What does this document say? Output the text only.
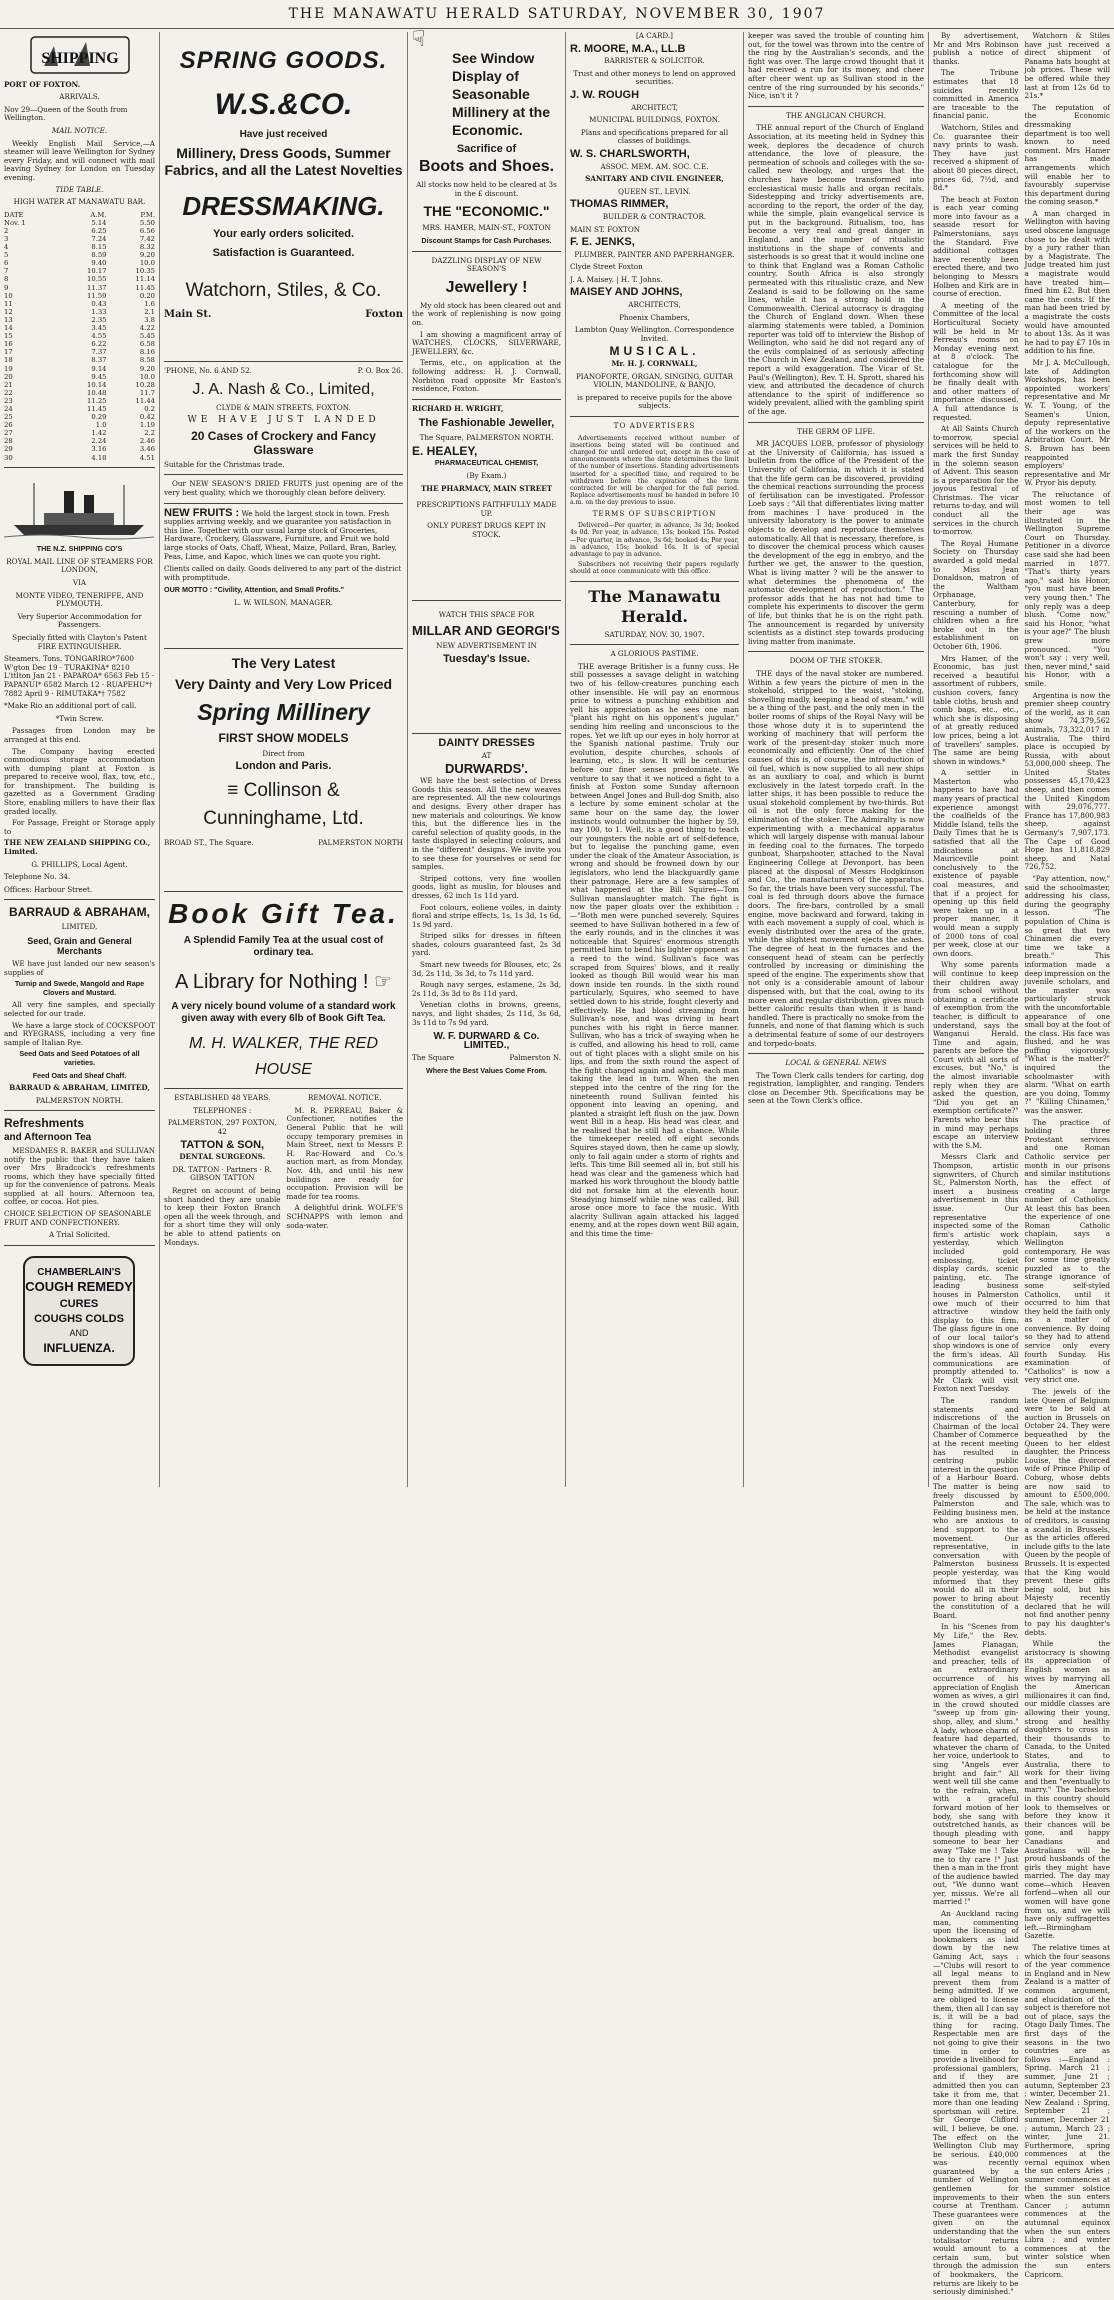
THE MANAWATU HERALD SATURDAY, NOVEMBER 30, 1907
SHIPPING
PORT OF FOXTON.
ARRIVALS.
Nov 29—Queen of the South from Wellington.
MAIL NOTICE.

Weekly English Mail Service,—A steamer will leave Wellington for Sydney every Friday, and will connect with mail leaving Sydney for London on Tuesday evening.

TIDE TABLE.
HIGH WATER AT MANAWATU BAR.
DATE	A.M.	P.M.
Nov. 1	5.14	5.50
2	6.25	6.56
3	7.24	7.42
4	8.15	8.32
5	8.59	9.20
6	9.40	10.0
7	10.17	10.35
8	10.55	11.14
9	11.37	11.45
10	11.59	0.20
11	0.43	1.6
12	1.33	2.1
13	2.35	3.8
14	3.45	4.22
15	4.55	5.45
16	6.22	6.58
17	7.37	8.16
18	8.37	8.58
19	9.14	9.20
20	9.45	10.0
21	10.14	10.28
22	10.48	11.7
23	11.25	11.44
24	11.45	0.2
25	0.29	0.42
26	1.0	1.19
27	1.42	2.2
28	2.24	2.46
29	3.16	3.46
30	4.18	4.51
THE N.Z. SHIPPING CO'S
ROYAL MAIL LINE OF STEAMERS FOR LONDON,
VIA
MONTE VIDEO, TENERIFFE, AND PLYMOUTH.
Very Superior Accommodation for Passengers.
Specially fitted with Clayton's Patent FIRE EXTINGUISHER.
Steamers. Tons. TONGARIRO*7600 W'gton Dec 19 · TURAKINA* 8210 L'ttlton Jan 21 · PAPAROA* 6563 Feb 15 · PAPANUI* 6582 March 12 · RUAPEHU*† 7882 April 9 · RIMUTAKA*† 7582
*Make Rio an additional port of call.
*Twin Screw.

Passages from London may be arranged at this end.

The Company having erected commodious storage accommodation with dumping plant at Foxton is prepared to receive wool, flax, tow, etc., for transhipment. The building is gazetted as a Government Grading Store, enabling millers to have their flax graded locally.

For Passage, Freight or Storage apply to

THE NEW ZEALAND SHIPPING CO., Limited.
G. PHILLIPS, Local Agent.
Telephone No. 34.
Offices: Harbour Street.
BARRAUD & ABRAHAM,
LIMITED,
Seed, Grain and General Merchants

WE have just landed our new season's supplies of

Turnip and Swede, Mangold and Rape Clovers and Mustard.

All very fine samples, and specially selected for our trade.

We have a large stock of COCKSFOOT and RYEGRASS, including a very fine sample of Italian Rye.

Seed Oats and Seed Potatoes of all varieties.
Feed Oats and Sheaf Chaff.
BARRAUD & ABRAHAM, LIMITED,
PALMERSTON NORTH.
Refreshments
and Afternoon Tea

MESDAMES R. BAKER and SULLIVAN notify the public that they have taken over Mrs Bradcock's refreshments rooms, which they have specially fitted up for the convenience of patrons. Meals supplied at all hours. Afternoon tea, coffee, or cocoa. Hot pies.

CHOICE SELECTION OF SEASONABLE FRUIT AND CONFECTIONERY.
A Trial Solicited.
CHAMBERLAIN'S
COUGH REMEDY
CURES
COUGHS COLDS
AND
INFLUENZA.
SPRING GOODS.
W.S.&CO.
Have just received
Millinery, Dress Goods, Summer Fabrics, and all the Latest Novelties
DRESSMAKING.
Your early orders solicited.
Satisfaction is Guaranteed.
Watchorn, Stiles, & Co.
Main St.	Foxton
'PHONE, No. 6 AND 52.	P. O. Box 26.
J. A. Nash & Co., Limited,
CLYDE & MAIN STREETS, FOXTON.
WE HAVE JUST LANDED
20 Cases of Crockery and Fancy Glassware
Suitable for the Christmas trade.

Our NEW SEASON'S DRIED FRUITS just opening are of the very best quality, which we thoroughly clean before delivery.

NEW FRUITS : We hold the largest stock in town. Fresh supplies arriving weekly, and we guarantee you satisfaction in this line. Together with our usual large stock of Groceries, Hardware, Crockery, Glassware, Furniture, and Fruit we hold large stocks of Oats, Chaff, Wheat, Maize, Pollard, Bran, Barley, Peas, Lime, and Kapoc, which lines we can quote you right.
Clients called on daily. Goods delivered to any part of the district with promptitude.
OUR MOTTO : "Civility, Attention, and Small Profits."
L. W. WILSON, MANAGER.
The Very Latest
Very Dainty and Very Low Priced
Spring Millinery
FIRST SHOW MODELS
Direct from
London and Paris.
≡ Collinson &
Cunninghame, Ltd.
BROAD ST., The Square.	PALMERSTON NORTH
Book Gift Tea.
A Splendid Family Tea at the usual cost of ordinary tea.
A Library for Nothing ! ☞
A very nicely bound volume of a standard work given away with every 6lb of Book Gift Tea.
M. H. WALKER, THE RED HOUSE
ESTABLISHED 48 YEARS.
TELEPHONES :
PALMERSTON, 297 FOXTON, 42
TATTON & SON,
DENTAL SURGEONS.
DR. TATTON · Partners · R. GIBSON TATTON

Regret on account of being short handed they are unable to keep their Foxton Branch open all the week through, and for a short time they will only be able to attend patients on Mondays.

REMOVAL NOTICE.

M. R. PERREAU, Baker & Confectioner, notifies the General Public that he will occupy temporary premises in Main Street, next to Messrs P. H. Rac-Howard and Co.'s auction mart, as from Monday, Nov. 4th, and until his new buildings are ready for occupation. Provision will be made for tea rooms.

A delightful drink. WOLFE'S SCHNAPPS with lemon and soda-water.

☟
See Window Display of Seasonable Millinery at the Economic.
Sacrifice of
Boots and Shoes.
All stocks now held to be cleared at 3s in the £ discount.
THE "ECONOMIC."
MRS. HAMER, MAIN-ST., FOXTON
Discount Stamps for Cash Purchases.
DAZZLING DISPLAY OF NEW SEASON'S
Jewellery !

My old stock has been cleared out and the work of replenishing is now going on.

I am showing a magnificent array of WATCHES, CLOCKS, SILVERWARE, JEWELLERY, &c.

Terms, etc., on application at the following address: H. J. Cornwall, Norbiton road opposite Mr Easton's residence, Foxton.

RICHARD H. WRIGHT,
The Fashionable Jeweller,
The Square, PALMERSTON NORTH.
E. HEALEY,
PHARMACEUTICAL CHEMIST,
(By Exam.)
THE PHARMACY, MAIN STREET
PRESCRIPTIONS FAITHFULLY MADE UP.
ONLY PUREST DRUGS KEPT IN STOCK.
WATCH THIS SPACE FOR
MILLAR AND GEORGI'S
NEW ADVERTISEMENT IN
Tuesday's Issue.
DAINTY DRESSES
AT
DURWARDS'.

WE have the best selection of Dress Goods this season. All the new weaves are represented. All the new colourings and designs. Every other draper has new materials and colourings. We know this, but the difference lies in the careful selection of quality goods, in the taste displayed in selecting colours, and in the "different" designs. We invite you to see these for yourselves or send for samples.

Striped cottons, very fine woollen goods, light as muslin, for blouses and dresses, 62 inch 1s 11d yard.

Foot colours, eoliene voiles, in dainty floral and stripe effects, 1s, 1s 3d, 1s 6d, 1s 9d yard.

Striped silks for dresses in fifteen shades, colours guaranteed fast, 2s 3d yard.

Smart new tweeds for Blouses, etc, 2s 3d, 2s 11d, 3s 3d, to 7s 11d yard.

Rough navy serges, estamene, 2s 3d, 2s 11d, 3s 3d to 8s 11d yard.

Venetian cloths in browns, greens, navys, and light shades, 2s 11d, 3s 6d, 3s 11d to 7s 9d yard.

W. F. DURWARD & Co. LIMITED.,
The Square	Palmerston N.
Where the Best Values Come From.
[A CARD.]
R. MOORE, M.A., LL.B
BARRISTER & SOLICITOR.
Trust and other moneys to lend on approved securities.
J. W. ROUGH
ARCHITECT,
MUNICIPAL BUILDINGS, FOXTON.
Plans and specifications prepared for all classes of buildings.
W. S. CHARLSWORTH,
ASSOC. MEM. AM. SOC. C.E.
SANITARY AND CIVIL ENGINEER,
QUEEN ST., LEVIN.
THOMAS RIMMER,
BUILDER & CONTRACTOR.
MAIN ST. FOXTON
F. E. JENKS,
PLUMBER, PAINTER AND PAPERHANGER.
Clyde Street Foxton
J. A. Maisey. | H. T. Johns.
MAISEY AND JOHNS,
ARCHITECTS,
Phoenix Chambers,
Lambton Quay Wellington. Correspondence Invited.
MUSICAL.
Mr. H. J. CORNWALL,
PIANOFORTE, ORGAN, SINGING, GUITAR VIOLIN, MANDOLINE, & BANJO,
is prepared to receive pupils for the above subjects.
TO ADVERTISERS

Advertisements received without number of insertions being stated will be continued and charged for until ordered out, except in the case of announcements where the date determines the limit of the number of insertions. Standing advertisements inserted for a specified time, and required to be withdrawn before the expiration of the term contracted for will be charged for the full period. Replace advertisements must be handed in before 10 a.m. on the day previous to issue.

TERMS OF SUBSCRIPTION

Delivered—Per quarter, in advance, 3s 3d; booked 4s 0d. Per year, in advance, 13s; booked 15s. Posted—Per quarter, in advance, 3s 6d; booked 4s; Per year, in advance, 15s; booked 16s. It is of special advantage to pay in advance.

Subscribers not receiving their papers regularly should at once communicate with this office.

The Manawatu Herald.
SATURDAY, NOV. 30, 1907.
A GLORIOUS PASTIME.

THE average Britisher is a funny cuss. He still possesses a savage delight in watching two of his fellow-creatures punching each other insensible. He will pay an enormous price to witness a punching exhibition and yell his appreciation as he sees one man "plant his right on his opponent's jugular," sending him reeling and unconscious to the ropes. Yet we lift up our eyes in holy horror at the Spanish national pastime. Truly our evolution, despite churches, schools of learning, etc., is slow. It will be centuries before our finer senses predominate. We venture to say that it we noticed a fight to a finish at Foxton some Sunday afternoon between Angel Jones and Bull-dog Smith, also a lecture by some eminent scholar at the same hour on the same day, the lower instincts would outnumber the higher by 59, nay 100, to 1. Well, its a good thing to teach our youngsters the noble art of self-defence, but to legalise the punching game, even under the cloak of the Amateur Association, is wrong and should be frowned down by our legislators, who lend the blackguardly game their patronage. Here are a few samples of what happened at the Bill Squires—Tom Sullivan manslaughter match. The fight is now the paper gloats over the exhibition :—"Both men were punched severely. Squires seemed to have Sullivan bothered in a few of the early rounds, and in the clinches it was noticeable that Squires' enormous strength permitted him to bend his lighter opponent as a reed to the wind. Sullivan's face was scraped from Squires' blows, and it really looked as though Bill would wear his man down inside ten rounds. In the sixth round particularly, Squires, who seemed to have settled down to his stride, fought cleverly and effectively. He had blood streaming from Sullivan's nose, and was driving in heart punches with his right in fierce manner. Sullivan, who has a trick of swaying when he is cuffed, and allowing his head to roll, came out of tight places with a slight smile on his lips, and from the sixth round the aspect of the fight changed again and again, each man taking the lead in turn. When the men stepped into the centre of the ring for the nineteenth round Sullivan feinted his opponent into leaving an opening, and planted a straight left flush on the jaw. Down went Bill in a heap. His head was clear, and he realised that he still had a chance. While the timekeeper reeled off eight seconds Squires stayed down, then he came up slowly, only to fall again under a storm of rights and lefts. This time Bill seemed all in, but still his head was clear and the gameness which had marked his work throughout the bloody battle did not forsake him at the eleventh hour. Steadying himself while nine was called, Bill arose once more to face the music. With alacrity Sullivan again attacked his lagged enemy, and at the ropes down went Bill again, and this time the time-

keeper was saved the trouble of counting him out, for the towel was thrown into the centre of the ring by the Australian's seconds, and the fight was over. The large crowd thought that it had received a run for its money, and cheer after cheer went up as Sullivan stood in the centre of the ring surrounded by his seconds." Nice, isn't it ?

THE ANGLICAN CHURCH.

THE annual report of the Church of England Association, at its meeting held in Sydney this week, deplores the decadence of church attendance, the love of pleasure, the permeation of schools and colleges with the so-called new theology, and urges that the churches have become transformed into ecclesiastical music halls and organ recitals. Sidestepping and tricky advertisements are, according to the report, the order of the day, while the simple, plain evangelical service is put in the background. Ritualism, too, has become a very real and great danger in England, and the number of ritualistic institutions in the shape of convents and sisterhoods is so great that it would incline one to think that England was a Roman Catholic country. South Africa is also strongly permeated with this ritualistic craze, and New Zealand is said to be following on the same lines, while it has a strong hold in the Commonwealth. Clerical autocracy is dragging the Church of England down. When these alarming statements were tabled, a Dominion reporter was told off to interview the Bishop of Wellington, who said he did not regard any of the evils complained of as seriously affecting the Church in New Zealand, and considered the report a wild exaggeration. The Vicar of St. Paul's (Wellington), Rev. T. H. Sprott, shared his view, and attributed the decadence of church attendance to the spirit of indifference so widely prevalent, allied with the gambling spirit of the age.

THE GERM OF LIFE.

MR JACQUES LOEB, professor of physiology at the University of California, has issued a bulletin from the office of the President of the University of California, in which it is stated that the life germ can be discovered, providing the chemical reactions surrounding the process of fertilisation can be investigated. Professor Loeb says : "All that differentiates living matter from machines I have produced in the university laboratory is the power to animate objects to develop and reproduce themselves automatically. All that is necessary, therefore, is to discover the chemical process which causes the development of the egg in embryo, and the further we get, the answer to the question, What is living matter ? will be the answer to what determines the phenomena of the automatic development of reproduction." The professor adds that he has not had time to complete his experiments to discover the germ of life, but thinks that he is on the right path. The announcement is regarded by university scientists as a distinct step towards producing living matter from inanimate.

DOOM OF THE STOKER.

THE days of the naval stoker are numbered. Within a few years the picture of men in the stokehold, stripped to the waist, "stoking, shovelling madly, keeping a head of steam," will be a thing of the past, and the only men in the boiler rooms of ships of the Royal Navy will be those whose duty it is to superintend the working of machinery that will perform the work of the present-day stoker much more economically and efficiently. One of the chief causes of this is, of course, the introduction of oil fuel, which is now supplied to all new ships as an auxiliary to coal, and which is burnt exclusively in the latest torpedo craft. In the latter ships, it has been possible to reduce the usual stokehold complement by two-thirds. But oil is not the only force making for the elimination of the stoker. The Admiralty is now experimenting with a mechanical apparatus which will largely dispense with manual labour in feeding coal to the furnaces. The torpedo gunboat, Sharpshooter, attached to the Naval Engineering College at Devonport, has been placed at the disposal of Messrs Hodgkinson and Co., the manufacturers of the apparatus. So far, the trials have been very successful. The coal is fed through doors above the furnace doors. The fire-bars, controlled by a small engine, move backward and forward, taking in with each movement a supply of coal, which is evenly distributed over the area of the grate, while the slightest movement ejects the ashes. The degree of heat in the furnaces and the consequent head of steam can be perfectly controlled by increasing or diminishing the speed of the engine. The experiments show that not only is a considerable amount of labour dispensed with, but that the coal, owing to its more even and regular distribution, gives much better calorific results than when it is hand-handled. There is practically no smoke from the funnels, and none of that flaming which is such a detrimental feature of some of our destroyers and torpedo-boats.

LOCAL & GENERAL NEWS

The Town Clerk calls tenders for carting, dog registration, lamplighter, and ranging. Tenders close on December 9th. Specifications may be seen at the Town Clerk's office.

By advertisement, Mr and Mrs Robinson publish a notice of thanks.

The Tribune estimates that 18 suicides recently committed in America are traceable to the financial panic.

Watchorn, Stiles and Co. guarantee their navy prints to wash. They have just received a shipment of about 80 pieces direct, prices 6d, 7½d, and 8d.*

The beach at Foxton is each year coming more into favour as a seaside resort for Palmerstonians, says the Standard. Five additional cottages have recently been erected there, and two belonging to Messrs Holben and Kirk are in course of erection.

A meeting of the Committee of the local Horticultural Society will be held in Mr Perreau's rooms on Monday evening next at 8 o'clock. The catalogue for the forthcoming show will be finally dealt with and other matters of importance discussed. A full attendance is requested.

At All Saints Church to-morrow, special services will be held to mark the first Sunday in the solemn season of Advent. This season is a preparation for the joyous festival of Christmas. The vicar returns to-day, and will conduct all the services in the church to-morrow.

The Royal Humane Society on Thursday awarded a gold medal to Miss Jean Donaldson, matron of the Waltham Orphanage, Canterbury, for rescuing a number of children when a fire broke out in the establishment on October 6th, 1906.

Mrs Hamer, of the Economic, has just received a beautiful assortment of rubbers, cushion covers, fancy table cloths, brush and comb bags, etc., etc., which she is disposing of at greatly reduced low prices, being a lot of travellers' samples. The same are being shown in windows.*

A settler in Masterton who happens to have had many years of practical experience amongst the coalfields of the Middle Island, tells the Daily Times that he is satisfied that all the indications at Mauriceville point conclusively to the existence of payable coal measures, and that if a project for opening up this field were taken up in a proper manner, it would mean a supply of 2000 tons of coal per week, close at our own doors.

Why some parents will continue to keep their children away from school without obtaining a certificate of exemption from the teacher, is difficult to understand, says the Wanganui Herald. Time and again, parents are before the Court with all sorts of excuses, but "No," is the almost invariable reply when they are asked the question, "Did you get an exemption certificate?" Parents who bear this in mind may perhaps escape an interview with the S.M.

Messrs Clark and Thompson, artistic signwriters, of Church St., Palmerston North, insert a business advertisement in this issue. Our representative inspected some of the firm's artistic work yesterday, which included gold embossing, ticket display cards, scenic painting, etc. The leading business houses in Palmerston owe much of their attractive window display to this firm. The glass figure in one of our local tailor's shop windows is one of the firm's ideas. All communications are promptly attended to. Mr Clark will visit Foxton next Tuesday.

The random statements and indiscretions of the Chairman of the local Chamber of Commerce at the recent meeting has resulted in centring public interest in the question of a Harbour Board. The matter is being freely discussed by Palmerston and Feilding business men, who are anxious to lend support to the movement. Our representative, in conversation with Palmerston business people yesterday, was informed that they would do all in their power to bring about the constitution of a Board.

In his "Scenes from My Life," the Rev. James Flanagan, Methodist evangelist and preacher, tells of an extraordinary occurrence of his appreciation of English women as wives, a girl in the crowd shouted "sweep up from gin-shop, alley, and slum." A lady, whose charm of feature had departed, whatever the charm of her voice, undertook to sing "Angels ever bright and fair." All went well till she came to the refrain, when, with a graceful forward motion of her body, she sang with outstretched hands, as though pleading with someone to bear her away "Take me ! Take me to thy care !" Just then a man in the front of the audience bawled out, "We dunno want yer, missus. We're all married !"

An Auckland racing man, commenting upon the licensing of bookmakers as laid down by the new Gaming Act, says :—"Clubs will resort to all legal means to prevent them from being admitted. If we are obliged to license them, then all I can say is, it will be a bad thing for racing. Respectable men are not going to give their time in order to provide a livelihood for professional gamblers, and if they are admitted then you can take it from me, that more than one leading sportsman will retire. Sir George Clifford will, I believe, be one. The effect on the Wellington Club may be serious. £40,000 was recently guaranteed by a number of Wellington gentlemen for improvements to their course at Trentham. These guarantees were given on the understanding that the totalisator returns would amount to a certain sum, but through the admission of bookmakers, the returns are likely to be seriously diminished."

Watchorn & Stiles have just received a direct shipment of Panama hats bought at job prices. These will be offered while they last at from 12s 6d to 21s.*

The reputation of the Economic dressmaking department is too well known to need comment. Mrs Hamer has made arrangements which will enable her to favourably supervise this department during the coming season.*

A man charged in Wellington with having used obscene language chose to be dealt with by a jury rather than by a Magistrate. The Judge treated him just a magistrate would have treated him—fined him £2. But then came the costs. If the man had been tried by a magistrate the costs would have amounted to about 13s. As it was he had to pay £7 10s in addition to his fine.

Mr J. A. McCullough, late of Addington Workshops, has been appointed workers' representative and Mr W. T. Young, of the Seamen's Union, deputy representative of the workers on the Arbitration Court. Mr S. Brown has been reappointed employers' representative and Mr W. Pryor his deputy.

The reluctance of most women to tell their age was illustrated in the Wellington Supreme Court on Thursday. Petitioner in a divorce case said she had been married in 1877. "That's thirty years ago," said his Honor, "you must have been very young then." The only reply was a deep blush. "Come now," said his Honor, "what is your age?" The blush grew more pronounced. "You won't say ; very well, then, never mind," said his Honor, with a smile.

Argentina is now the premier sheep country of the world, as it can show 74,379,562 animals, 73,322,017 in Australia. The third place is occupied by Russia, with about 53,000,000 sheep. The United States possesses 45,170,423 sheep, and then comes the United Kingdom with 29,076,777. France has 17,800,983 sheep, against Germany's 7,907,173. The Cape of Good Hope has 11,818,829 sheep, and Natal 726,752.

"Pay attention, now," said the schoolmaster, addressing his class, during the geography lesson. "The population of China is so great that two Chinamen die every time we take a breath." This information made a deep impression on the juvenile scholars, and the master was particularly struck with the uncomfortable appearance of one small boy at the foot of the class. His face was flushed, and he was puffing vigorously. "What is the matter?" inquired the schoolmaster with alarm. "What on earth are you doing, Tommy ?" "Killing Chinamen," was the answer.

The practice of holding three Protestant services and one Roman Catholic service per month in our prisons and similar institutions has the effect of creating a large number of Catholics. At least this has been the experience of one Roman Catholic chaplain, says a Wellington contemporary. He was for some time greatly puzzled as to the strange ignorance of some self-styled Catholics, until it occurred to him that they held the faith only as a matter of convenience. By doing so they had to attend service only every fourth Sunday. His examination of "Catholics" is now a very strict one.

The jewels of the late Queen of Belgium were to be sold at auction in Brussels on October 24. They were bequeathed by the Queen to her eldest daughter, the Princess Louise, the divorced wife of Prince Philip of Coburg, whose debts are now said to amount to £500,000. The sale, which was to be held at the instance of creditors, is causing a scandal in Brussels, as the articles offered include gifts to the late Queen by the people of Brussels. It is expected that the King would prevent these gifts being sold, but his Majesty recently declared that he will not find another penny to pay his daughter's debts.

While the aristocracy is showing its appreciation of English women as wives by marrying all the American millionaires it can find, our middle classes are allowing their young, strong and healthy daughters to cross in their thousands to Canada, to the United States, and to Australia, there to work for their living and then "eventually to marry." The bachelors in this country should look to themselves or before they know it their chances will be gone, and happy Canadians and Australians will be proud husbands of the girls they might have married. The day may come—which Heaven forfend—when all our women will have gone from us, and we will have only suffragettes left.—Birmingham Gazette.

The relative times at which the four seasons of the year commence in England and in New Zealand is a matter of common argument, and elucidation of the subject is therefore not out of place, says the Otago Daily Times. The first days of the seasons in the two countries are as follows :—England : Spring, March 21 ; summer, June 21 ; autumn, September 23 ; winter, December 21. New Zealand : Spring, September 21 ; summer, December 21 ; autumn, March 23 ; winter, June 21. Furthermore, spring commences at the vernal equinox when the sun enters Aries ; summer commences at the summer solstice when the sun enters Cancer ; autumn commences at the autumnal equinox when the sun enters Libra ; and winter commences at the winter solstice when the sun enters Capricorn.
